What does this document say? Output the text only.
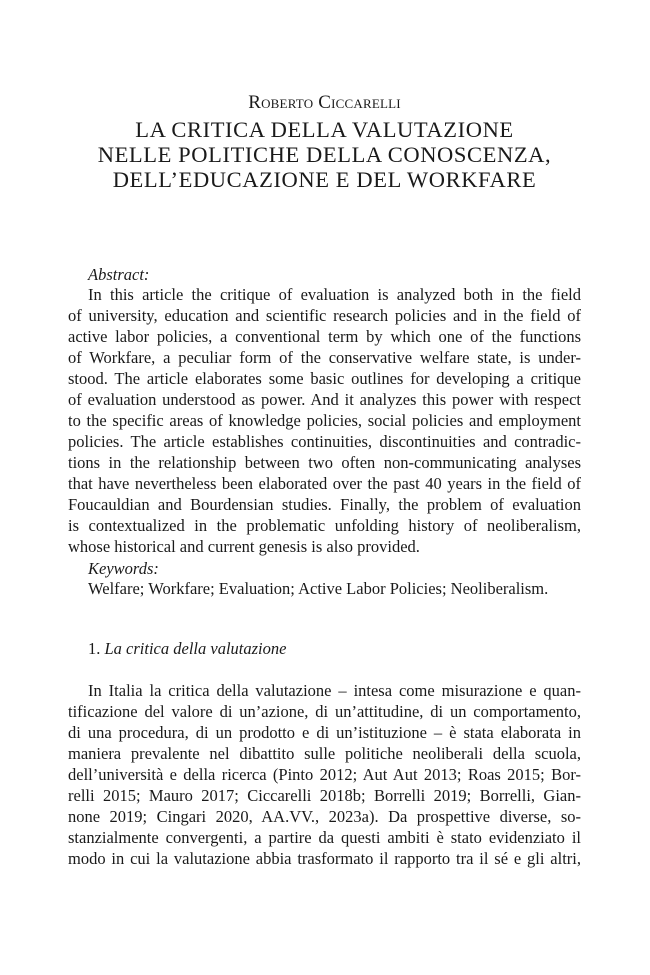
Roberto Ciccarelli
LA CRITICA DELLA VALUTAZIONE
NELLE POLITICHE DELLA CONOSCENZA,
DELL’EDUCAZIONE E DEL WORKFARE
Abstract:
In this article the critique of evaluation is analyzed both in the field
of university, education and scientific research policies and in the field of
active labor policies, a conventional term by which one of the functions
of Workfare, a peculiar form of the conservative welfare state, is under-
stood. The article elaborates some basic outlines for developing a critique
of evaluation understood as power. And it analyzes this power with respect
to the specific areas of knowledge policies, social policies and employment
policies. The article establishes continuities, discontinuities and contradic-
tions in the relationship between two often non-communicating analyses
that have nevertheless been elaborated over the past 40 years in the field of
Foucauldian and Bourdensian studies. Finally, the problem of evaluation
is contextualized in the problematic unfolding history of neoliberalism,
whose historical and current genesis is also provided.
Keywords:
Welfare; Workfare; Evaluation; Active Labor Policies; Neoliberalism.
1. La critica della valutazione
In Italia la critica della valutazione – intesa come misurazione e quan-
tificazione del valore di un’azione, di un’attitudine, di un comportamento,
di una procedura, di un prodotto e di un’istituzione – è stata elaborata in
maniera prevalente nel dibattito sulle politiche neoliberali della scuola,
dell’università e della ricerca (Pinto 2012; Aut Aut 2013; Roas 2015; Bor-
relli 2015; Mauro 2017; Ciccarelli 2018b; Borrelli 2019; Borrelli, Gian-
none 2019; Cingari 2020, AA.VV., 2023a). Da prospettive diverse, so-
stanzialmente convergenti, a partire da questi ambiti è stato evidenziato il
modo in cui la valutazione abbia trasformato il rapporto tra il sé e gli altri,
